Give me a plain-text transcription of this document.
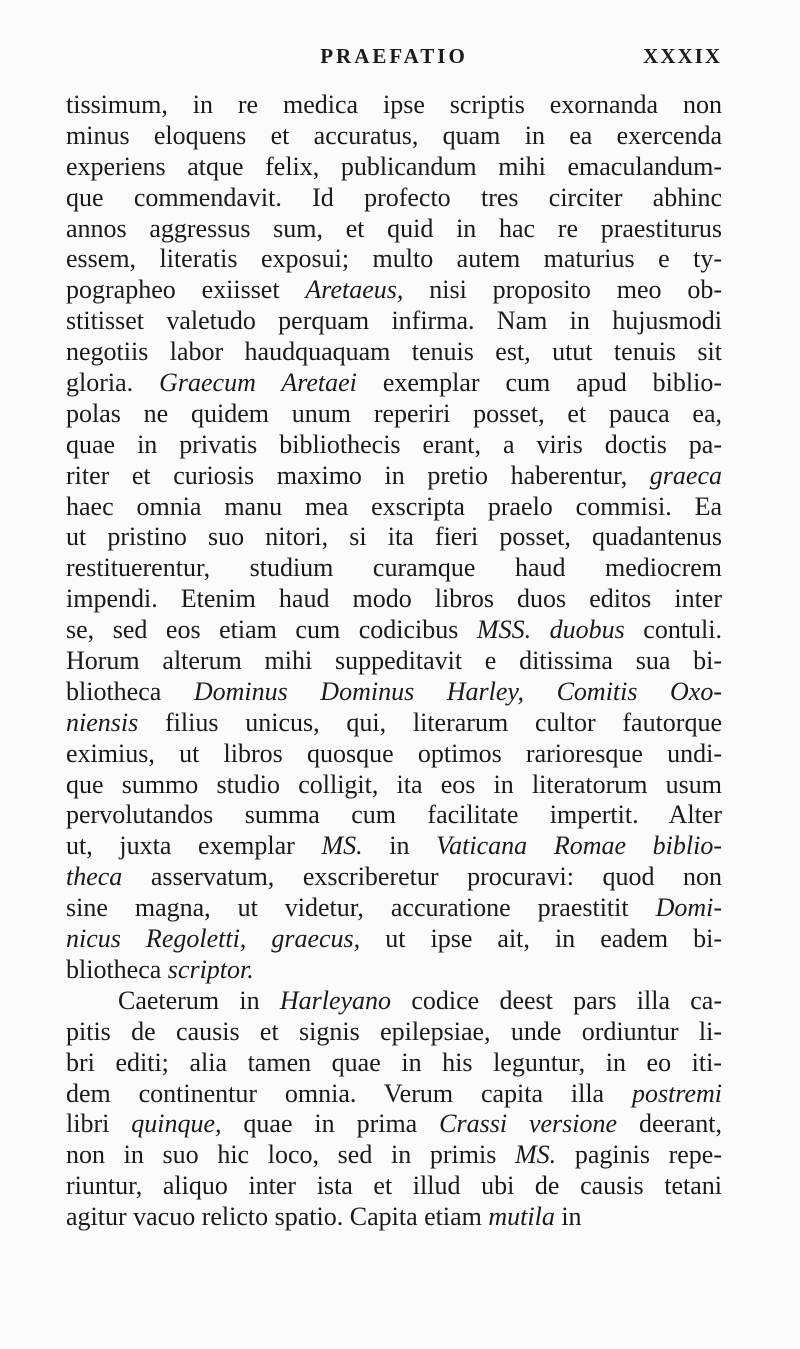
PRAEFATIO	XXXIX
tissimum, in re medica ipse scriptis exornanda non
minus eloquens et accuratus, quam in ea exercenda
experiens atque felix, publicandum mihi emaculandum-
que commendavit. Id profecto tres circiter abhinc
annos aggressus sum, et quid in hac re praestiturus
essem, literatis exposui; multo autem maturius e ty-
pographeo exiisset Aretaeus, nisi proposito meo ob-
stitisset valetudo perquam infirma. Nam in hujusmodi
negotiis labor haudquaquam tenuis est, utut tenuis sit
gloria. Graecum Aretaei exemplar cum apud biblio-
polas ne quidem unum reperiri posset, et pauca ea,
quae in privatis bibliothecis erant, a viris doctis pa-
riter et curiosis maximo in pretio haberentur, graeca
haec omnia manu mea exscripta praelo commisi. Ea
ut pristino suo nitori, si ita fieri posset, quadantenus
restituerentur, studium curamque haud mediocrem
impendi. Etenim haud modo libros duos editos inter
se, sed eos etiam cum codicibus MSS. duobus contuli.
Horum alterum mihi suppeditavit e ditissima sua bi-
bliotheca Dominus Dominus Harley, Comitis Oxo-
niensis filius unicus, qui, literarum cultor fautorque
eximius, ut libros quosque optimos rarioresque undi-
que summo studio colligit, ita eos in literatorum usum
pervolutandos summa cum facilitate impertit. Alter
ut, juxta exemplar MS. in Vaticana Romae biblio-
theca asservatum, exscriberetur procuravi: quod non
sine magna, ut videtur, accuratione praestitit Domi-
nicus Regoletti, graecus, ut ipse ait, in eadem bi-
bliotheca scriptor.
Caeterum in Harleyano codice deest pars illa ca-
pitis de causis et signis epilepsiae, unde ordiuntur li-
bri editi; alia tamen quae in his leguntur, in eo iti-
dem continentur omnia. Verum capita illa postremi
libri quinque, quae in prima Crassi versione deerant,
non in suo hic loco, sed in primis MS. paginis repe-
riuntur, aliquo inter ista et illud ubi de causis tetani
agitur vacuo relicto spatio. Capita etiam mutila in
